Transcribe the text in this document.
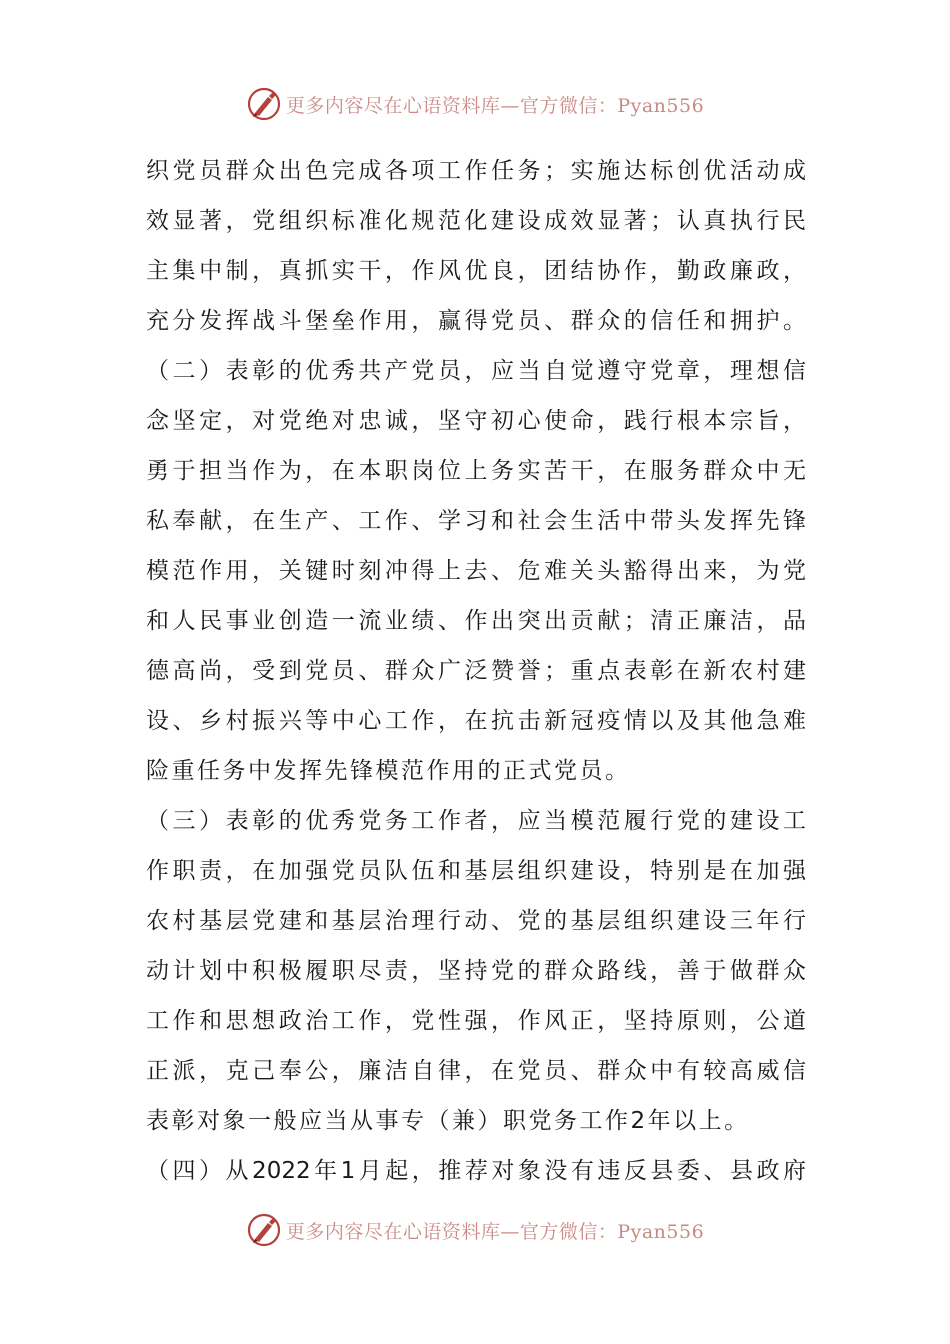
更多内容尽在心语资料库—官方微信：Pyan556
织党员群众出色完成各项工作任务；实施达标创优活动成
效显著，党组织标准化规范化建设成效显著；认真执行民
主集中制，真抓实干，作风优良，团结协作，勤政廉政，
充分发挥战斗堡垒作用，赢得党员、群众的信任和拥护。
（二）表彰的优秀共产党员，应当自觉遵守党章，理想信
念坚定，对党绝对忠诚，坚守初心使命，践行根本宗旨，
勇于担当作为，在本职岗位上务实苦干，在服务群众中无
私奉献，在生产、工作、学习和社会生活中带头发挥先锋
模范作用，关键时刻冲得上去、危难关头豁得出来，为党
和人民事业创造一流业绩、作出突出贡献；清正廉洁，品
德高尚，受到党员、群众广泛赞誉；重点表彰在新农村建
设、乡村振兴等中心工作，在抗击新冠疫情以及其他急难
险重任务中发挥先锋模范作用的正式党员。
（三）表彰的优秀党务工作者，应当模范履行党的建设工
作职责，在加强党员队伍和基层组织建设，特别是在加强
农村基层党建和基层治理行动、党的基层组织建设三年行
动计划中积极履职尽责，坚持党的群众路线，善于做群众
工作和思想政治工作，党性强，作风正，坚持原则，公道
正派，克己奉公，廉洁自律，在党员、群众中有较高威信
表彰对象一般应当从事专（兼）职党务工作2年以上。
（四）从2022年1月起，推荐对象没有违反县委、县政府
更多内容尽在心语资料库—官方微信：Pyan556
